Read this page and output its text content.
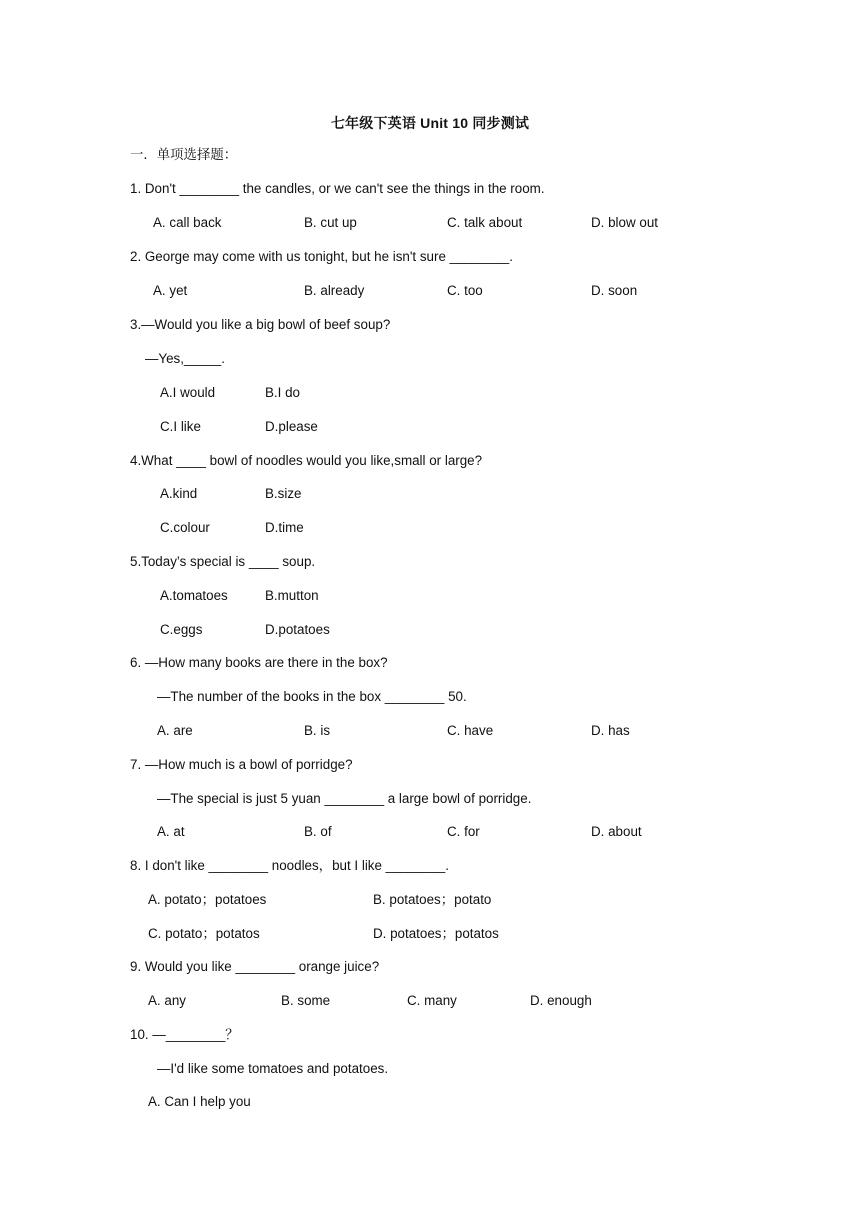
七年级下英语 Unit 10 同步测试
一．单项选择题：
1. Don't ________ the candles, or we can't see the things in the room.
A. call back	B. cut up	C. talk about	D. blow out
2. George may come with us tonight, but he isn't sure ________.
A. yet	B. already	C. too	D. soon
3.—Would you like a big bowl of beef soup?
—Yes,_____.
A.I would	B.I do
C.I like	D.please
4.What ____ bowl of noodles would you like,small or large?
A.kind	B.size
C.colour	D.time
5.Today’s special is ____ soup.
A.tomatoes	B.mutton
C.eggs	D.potatoes
6. —How many books are there in the box?
—The number of the books in the box ________ 50.
A. are	B. is	C. have	D. has
7. —How much is a bowl of porridge?
—The special is just 5 yuan ________ a large bowl of porridge.
A. at	B. of	C. for	D. about
8. I don't like ________ noodles，but I like ________.
A. potato；potatoes	B. potatoes；potato
C. potato；potatos	D. potatoes；potatos
9. Would you like ________ orange juice?
A. any	B. some	C. many	D. enough
10. —________？
—I'd like some tomatoes and potatoes.
A. Can I help you
